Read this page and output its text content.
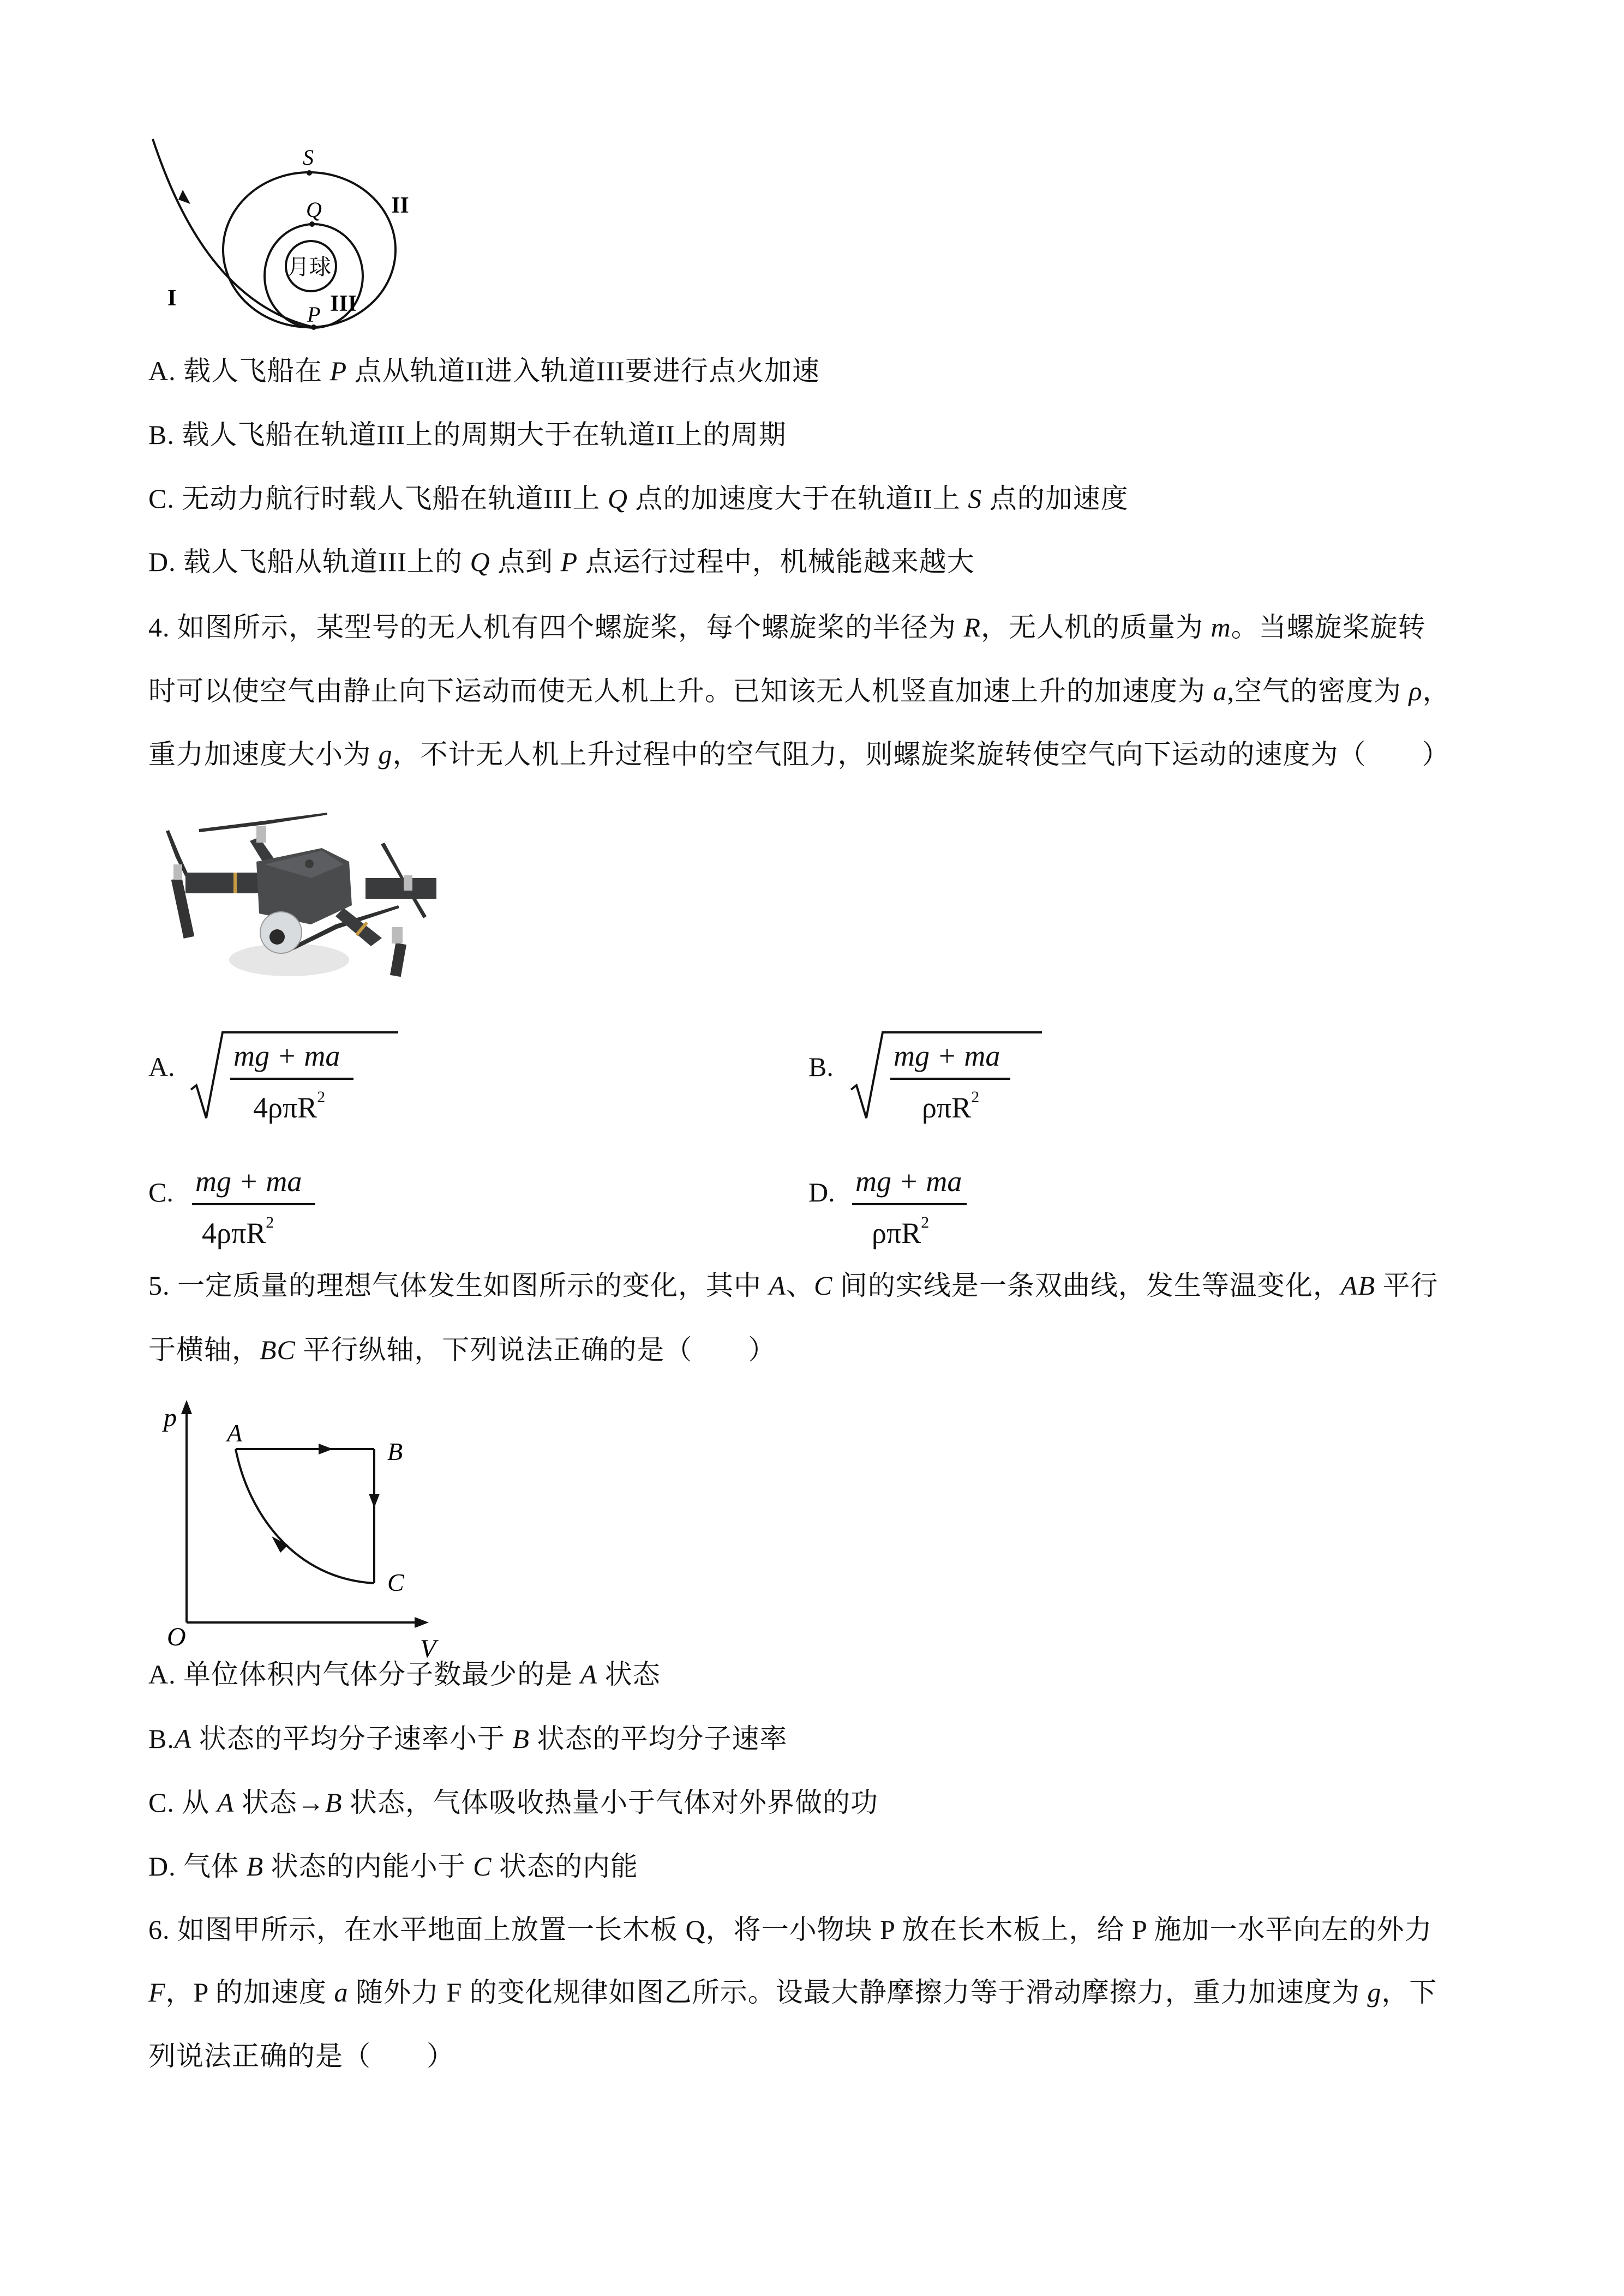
S
Q
P
I
II
III
月球
A. 载人飞船在 P 点从轨道II进入轨道III要进行点火加速
B. 载人飞船在轨道III上的周期大于在轨道II上的周期
C. 无动力航行时载人飞船在轨道III上 Q 点的加速度大于在轨道II上 S 点的加速度
D. 载人飞船从轨道III上的 Q 点到 P 点运行过程中，机械能越来越大
4. 如图所示，某型号的无人机有四个螺旋桨，每个螺旋桨的半径为 R，无人机的质量为 m。当螺旋桨旋转
时可以使空气由静止向下运动而使无人机上升。已知该无人机竖直加速上升的加速度为 a,空气的密度为 ρ，
重力加速度大小为 g，不计无人机上升过程中的空气阻力，则螺旋桨旋转使空气向下运动的速度为（　　）
A. mg + ma
4ρπR$^2$
B. mg + ma
ρπR$^2$
C. mg + ma
4ρπR$^2$
D. mg + ma
ρπR$^2$
5. 一定质量的理想气体发生如图所示的变化，其中 A、C 间的实线是一条双曲线，发生等温变化，AB 平行
于横轴，BC 平行纵轴，下列说法正确的是（　　）
p
V
O
A
B
C
A. 单位体积内气体分子数最少的是 A 状态
B.A 状态的平均分子速率小于 B 状态的平均分子速率
C. 从 A 状态→B 状态，气体吸收热量小于气体对外界做的功
D. 气体 B 状态的内能小于 C 状态的内能
6. 如图甲所示，在水平地面上放置一长木板 Q，将一小物块 P 放在长木板上，给 P 施加一水平向左的外力
F，P 的加速度 a 随外力 F 的变化规律如图乙所示。设最大静摩擦力等于滑动摩擦力，重力加速度为 g，下
列说法正确的是（　　）
